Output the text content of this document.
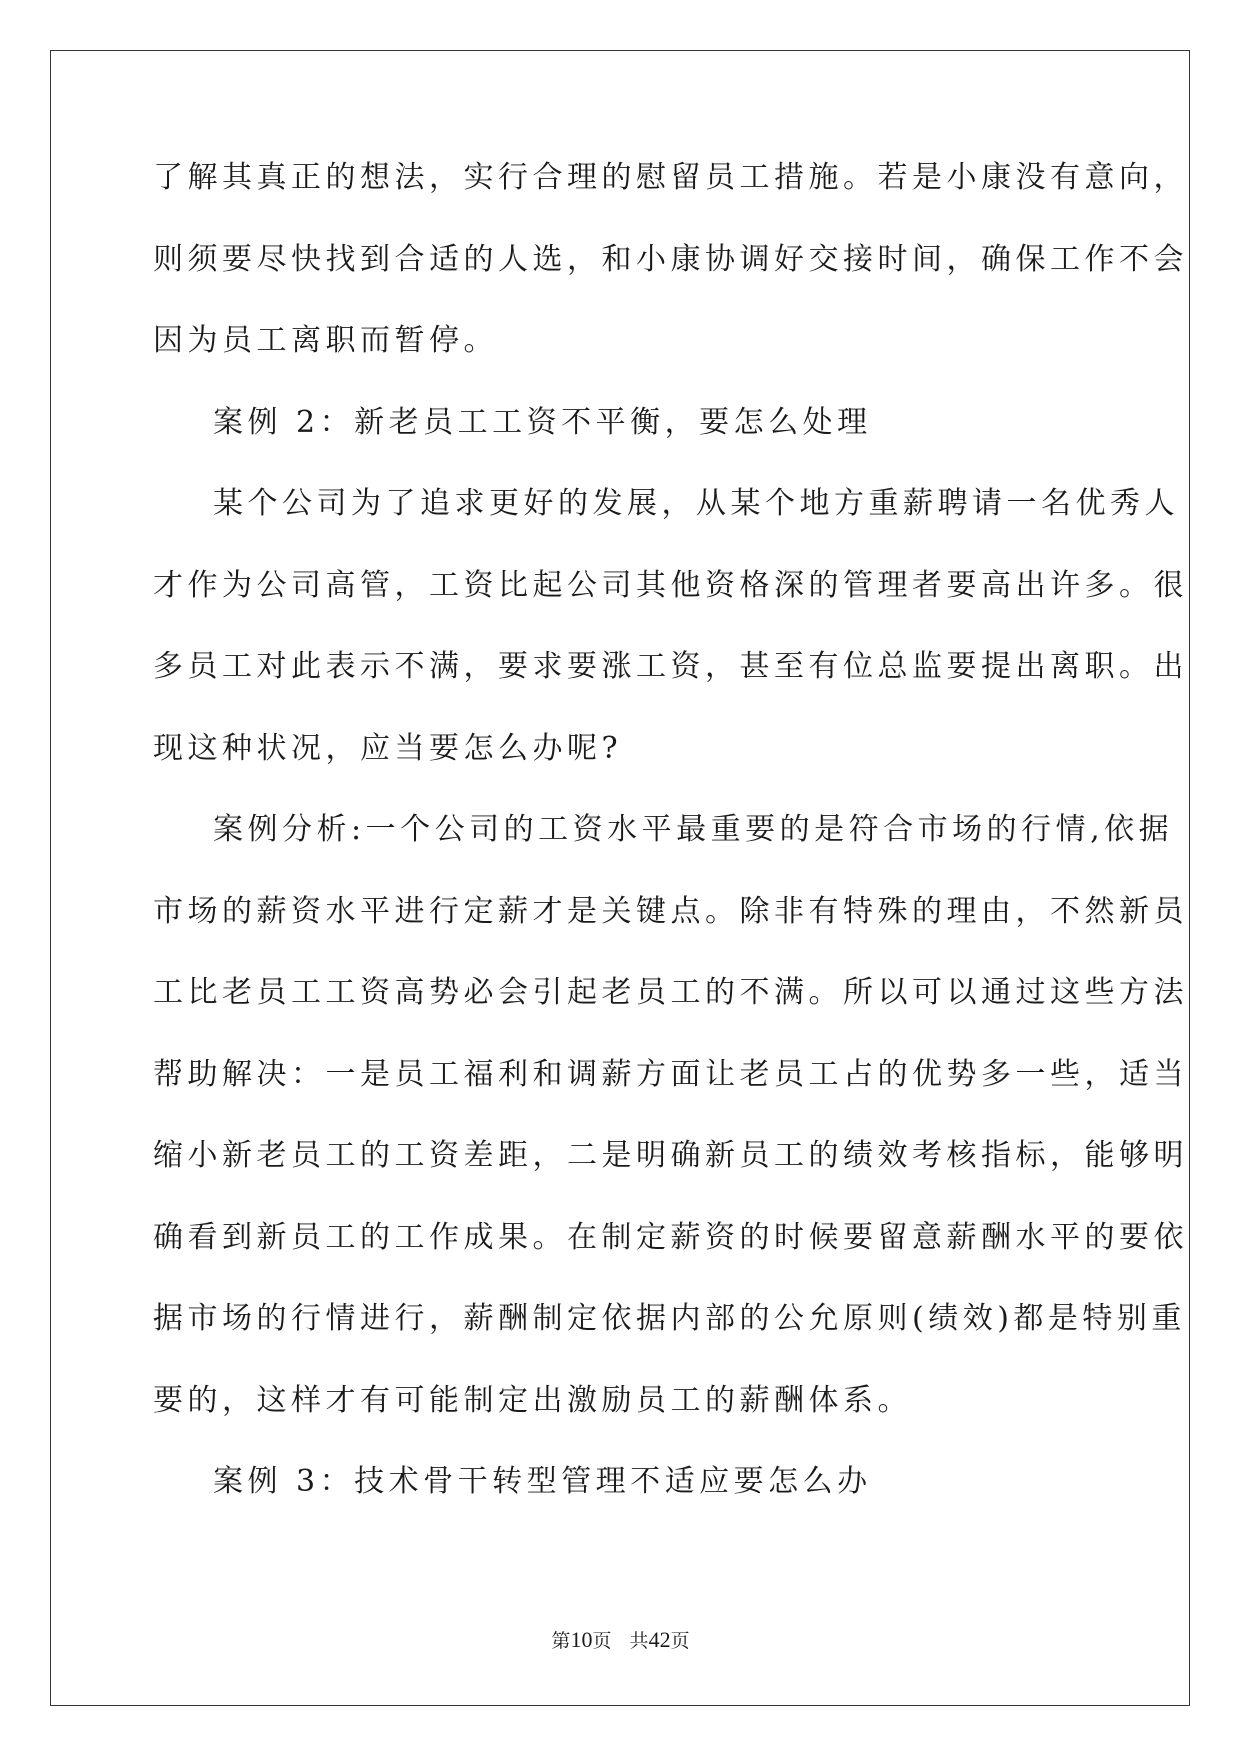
了解其真正的想法，实行合理的慰留员工措施。若是小康没有意向，
则须要尽快找到合适的人选，和小康协调好交接时间，确保工作不会
因为员工离职而暂停。
案例 2：新老员工工资不平衡，要怎么处理
某个公司为了追求更好的发展，从某个地方重薪聘请一名优秀人
才作为公司高管，工资比起公司其他资格深的管理者要高出许多。很
多员工对此表示不满，要求要涨工资，甚至有位总监要提出离职。出
现这种状况，应当要怎么办呢?
案例分析:一个公司的工资水平最重要的是符合市场的行情,依据
市场的薪资水平进行定薪才是关键点。除非有特殊的理由，不然新员
工比老员工工资高势必会引起老员工的不满。所以可以通过这些方法
帮助解决：一是员工福利和调薪方面让老员工占的优势多一些，适当
缩小新老员工的工资差距，二是明确新员工的绩效考核指标，能够明
确看到新员工的工作成果。在制定薪资的时候要留意薪酬水平的要依
据市场的行情进行，薪酬制定依据内部的公允原则(绩效)都是特别重
要的，这样才有可能制定出激励员工的薪酬体系。
案例 3：技术骨干转型管理不适应要怎么办
第10页   共42页
